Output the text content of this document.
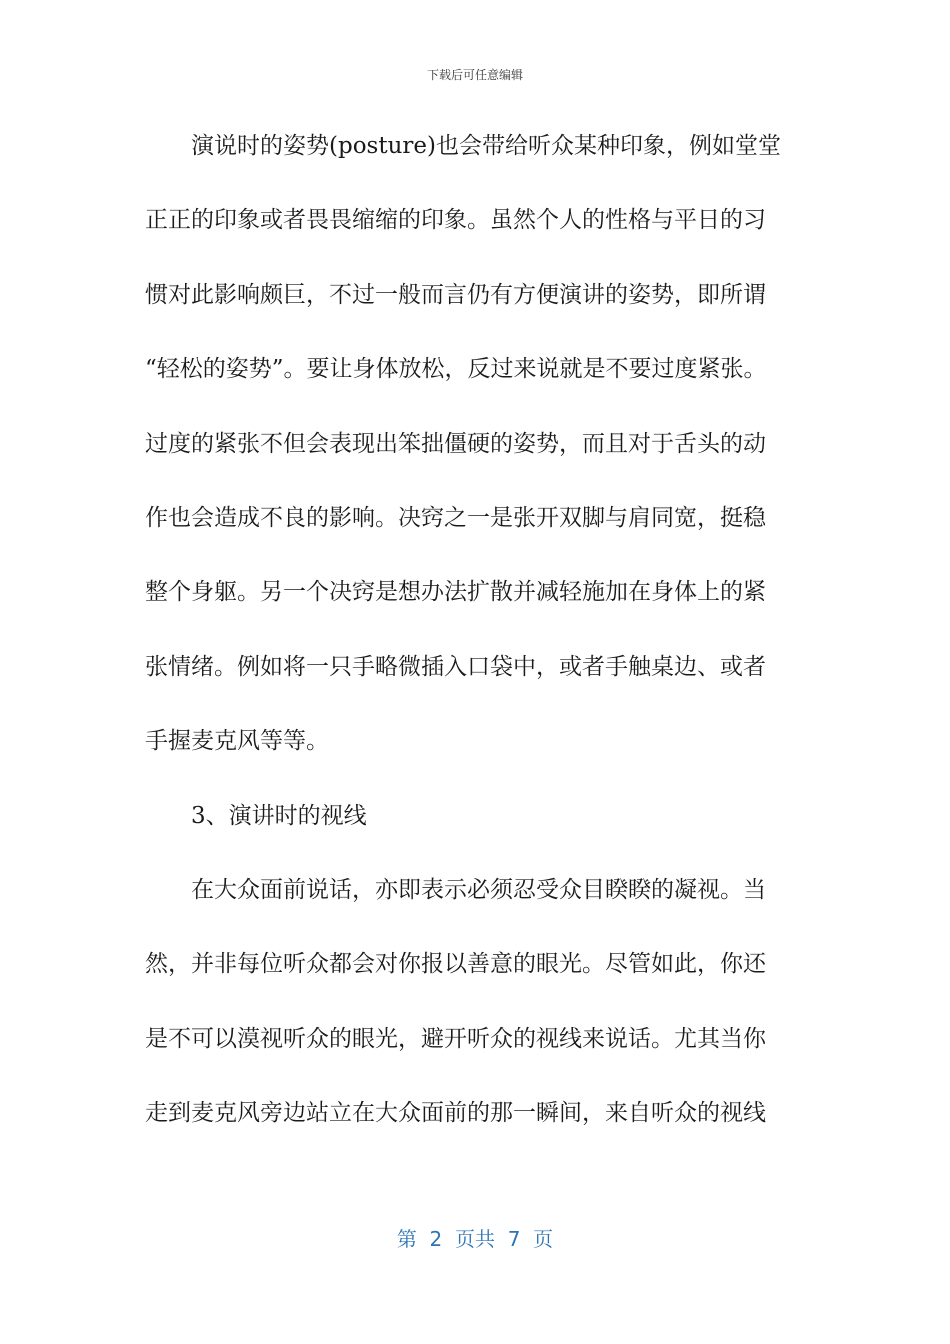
下载后可任意编辑
演说时的姿势(posture)也会带给听众某种印象，例如堂堂
正正的印象或者畏畏缩缩的印象。虽然个人的性格与平日的习
惯对此影响颇巨，不过一般而言仍有方便演讲的姿势，即所谓
“轻松的姿势”。要让身体放松，反过来说就是不要过度紧张。
过度的紧张不但会表现出笨拙僵硬的姿势，而且对于舌头的动
作也会造成不良的影响。决窍之一是张开双脚与肩同宽，挺稳
整个身躯。另一个决窍是想办法扩散并减轻施加在身体上的紧
张情绪。例如将一只手略微插入口袋中，或者手触桌边、或者
手握麦克风等等。
3、演讲时的视线
在大众面前说话，亦即表示必须忍受众目睽睽的凝视。当
然，并非每位听众都会对你报以善意的眼光。尽管如此，你还
是不可以漠视听众的眼光，避开听众的视线来说话。尤其当你
走到麦克风旁边站立在大众面前的那一瞬间，来自听众的视线
第  2  页共  7  页
